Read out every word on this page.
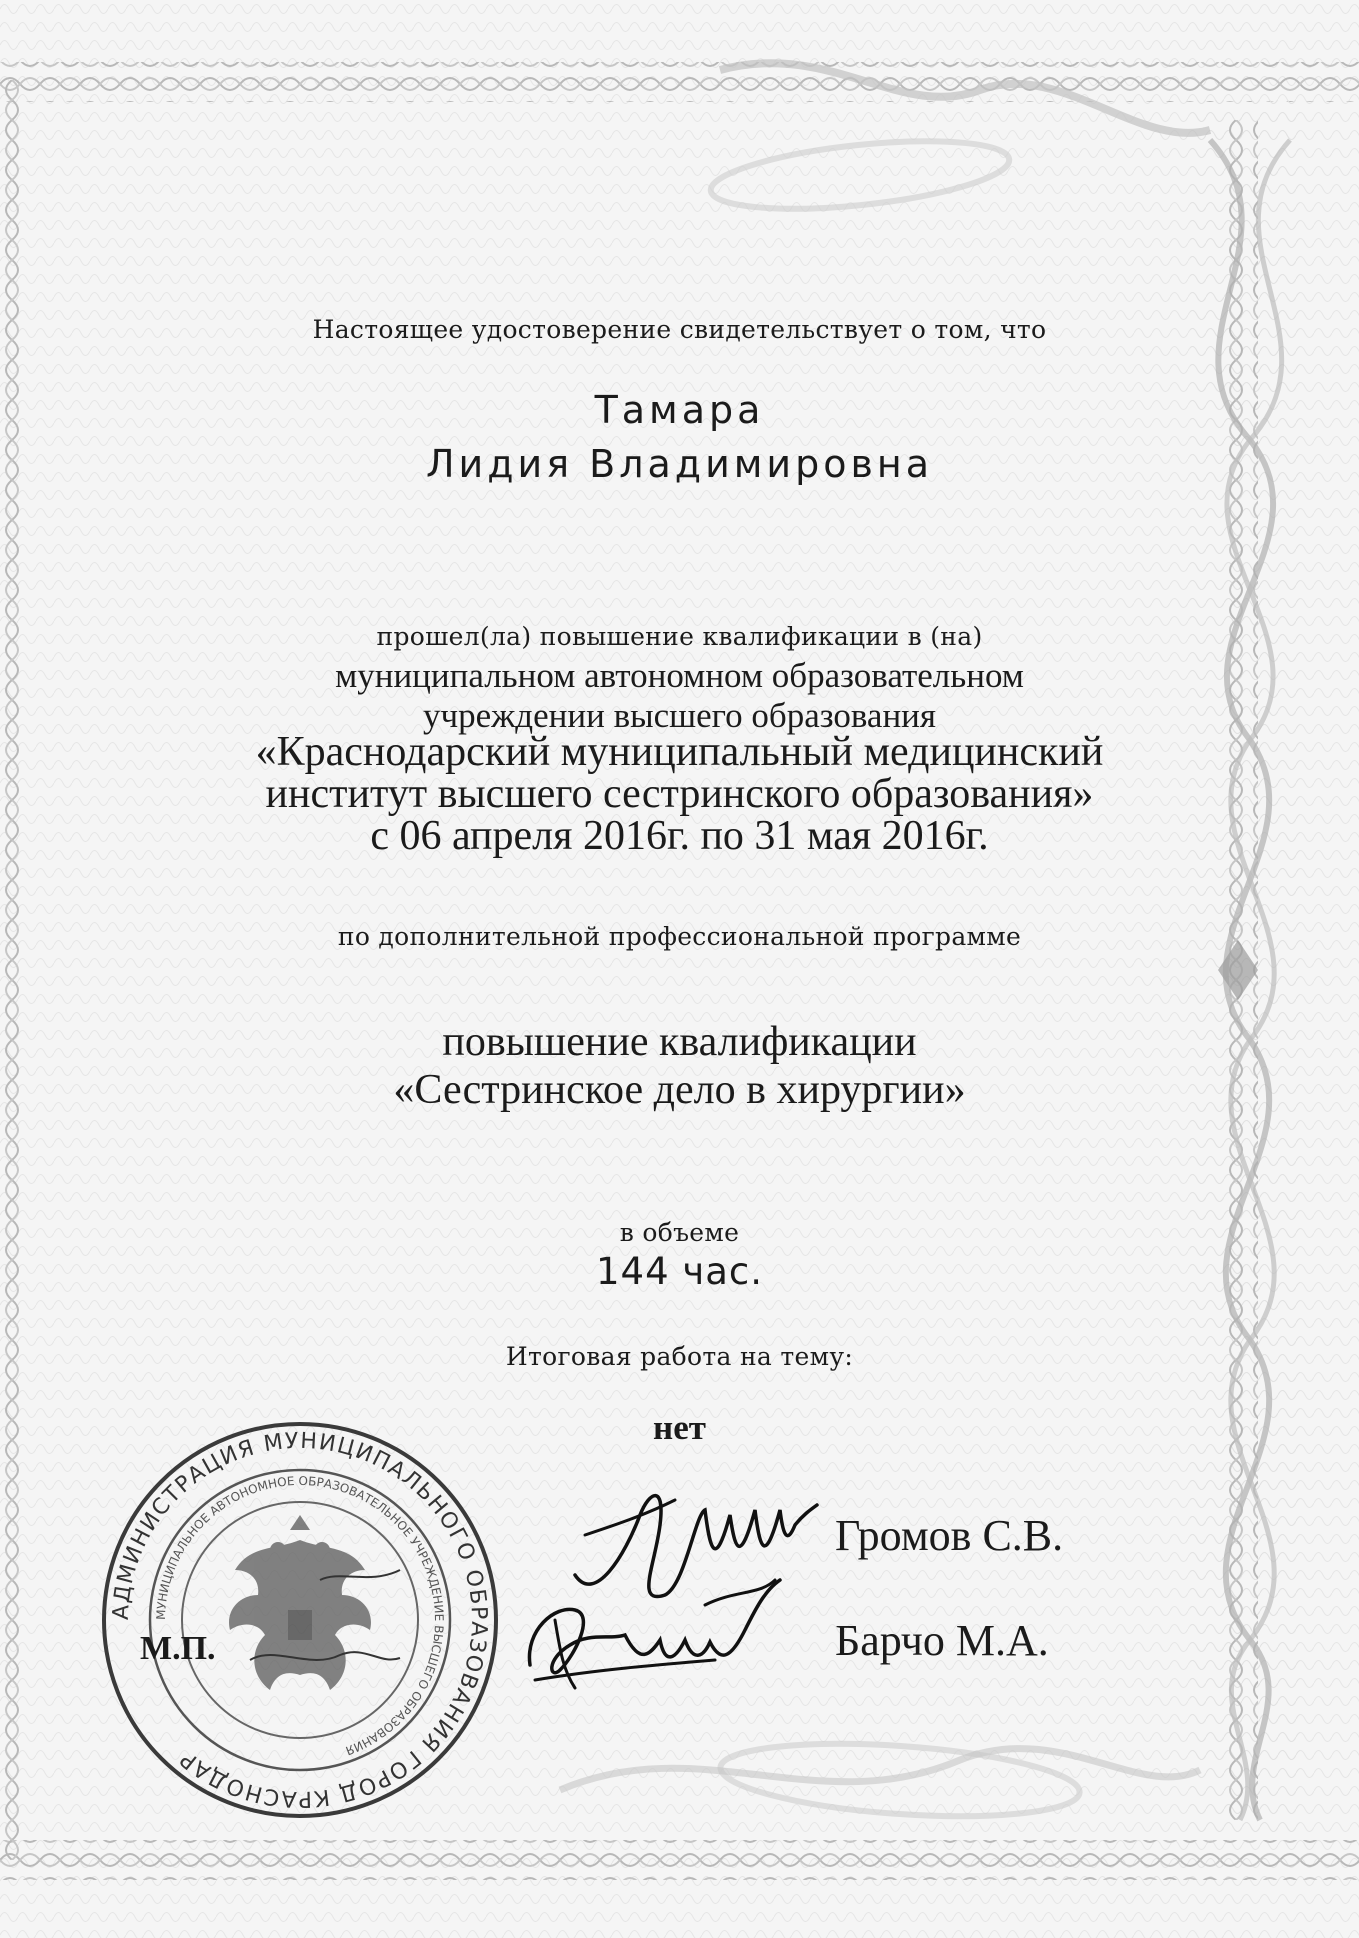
Настоящее удостоверение свидетельствует о том, что
Тамара
Лидия Владимировна
прошел(ла) повышение квалификации в (на)
муниципальном автономном образовательном
учреждении высшего образования
«Краснодарский муниципальный медицинский
институт высшего сестринского образования»
с 06 апреля 2016г. по 31 мая 2016г.
по дополнительной профессиональной программе
повышение квалификации
«Сестринское дело в хирургии»
в объеме
144 час.
Итоговая работа на тему:
нет
АДМИНИСТРАЦИЯ МУНИЦИПАЛЬНОГО ОБРАЗОВАНИЯ ГОРОД КРАСНОДАР
МУНИЦИПАЛЬНОЕ АВТОНОМНОЕ ОБРАЗОВАТЕЛЬНОЕ УЧРЕЖДЕНИЕ ВЫСШЕГО ОБРАЗОВАНИЯ
М.П.
Громов С.В.
Барчо М.А.
